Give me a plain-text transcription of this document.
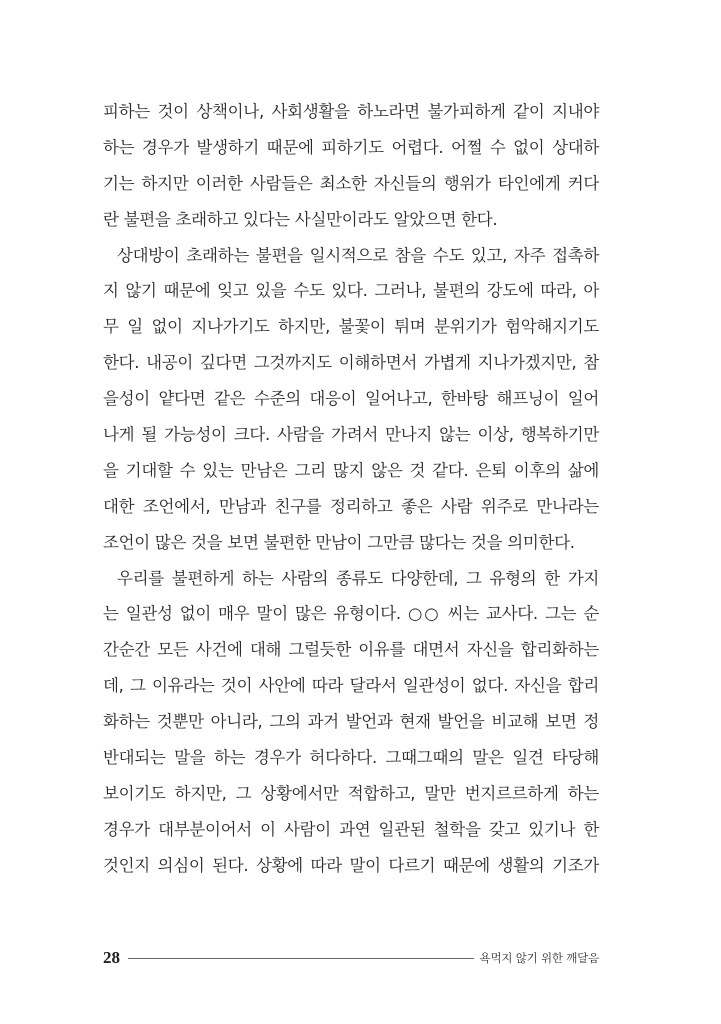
피하는 것이 상책이나, 사회생활을 하노라면 불가피하게 같이 지내야
하는 경우가 발생하기 때문에 피하기도 어렵다. 어쩔 수 없이 상대하
기는 하지만 이러한 사람들은 최소한 자신들의 행위가 타인에게 커다
란 불편을 초래하고 있다는 사실만이라도 알았으면 한다.
상대방이 초래하는 불편을 일시적으로 참을 수도 있고, 자주 접촉하
지 않기 때문에 잊고 있을 수도 있다. 그러나, 불편의 강도에 따라, 아
무 일 없이 지나가기도 하지만, 불꽃이 튀며 분위기가 험악해지기도
한다. 내공이 깊다면 그것까지도 이해하면서 가볍게 지나가겠지만, 참
을성이 얕다면 같은 수준의 대응이 일어나고, 한바탕 해프닝이 일어
나게 될 가능성이 크다. 사람을 가려서 만나지 않는 이상, 행복하기만
을 기대할 수 있는 만남은 그리 많지 않은 것 같다. 은퇴 이후의 삶에
대한 조언에서, 만남과 친구를 정리하고 좋은 사람 위주로 만나라는
조언이 많은 것을 보면 불편한 만남이 그만큼 많다는 것을 의미한다.
우리를 불편하게 하는 사람의 종류도 다양한데, 그 유형의 한 가지
는 일관성 없이 매우 말이 많은 유형이다. ○○ 씨는 교사다. 그는 순
간순간 모든 사건에 대해 그럴듯한 이유를 대면서 자신을 합리화하는
데, 그 이유라는 것이 사안에 따라 달라서 일관성이 없다. 자신을 합리
화하는 것뿐만 아니라, 그의 과거 발언과 현재 발언을 비교해 보면 정
반대되는 말을 하는 경우가 허다하다. 그때그때의 말은 일견 타당해
보이기도 하지만, 그 상황에서만 적합하고, 말만 번지르르하게 하는
경우가 대부분이어서 이 사람이 과연 일관된 철학을 갖고 있기나 한
것인지 의심이 된다. 상황에 따라 말이 다르기 때문에 생활의 기조가
28	욕먹지 않기 위한 깨달음
